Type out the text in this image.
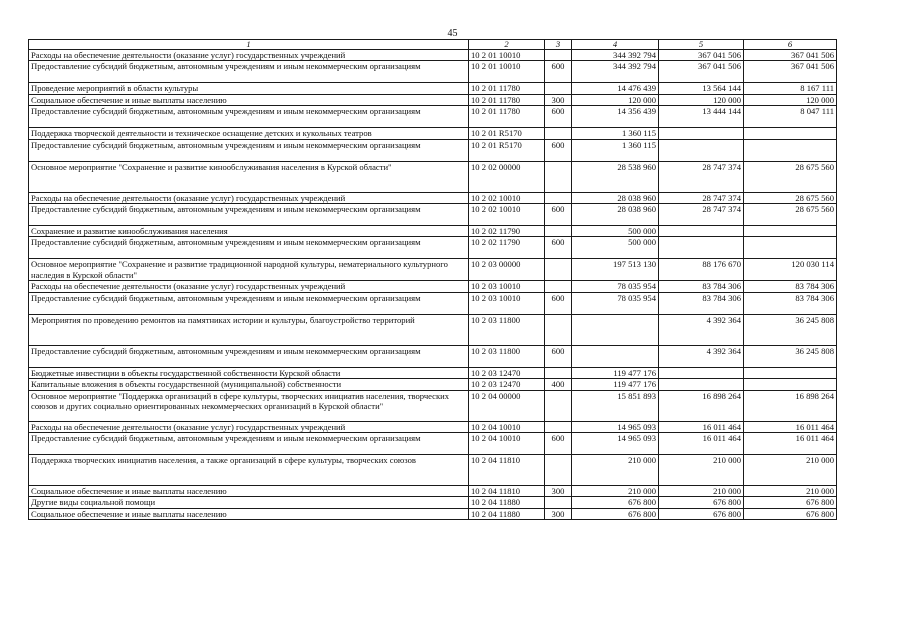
45
1	2	3	4	5	6
Расходы на обеспечение деятельности (оказание услуг) государственных учреждений	10 2 01 10010		344 392 794	367 041 506	367 041 506
Предоставление субсидий бюджетным, автономным учреждениям и иным некоммерческим организациям	10 2 01 10010	600	344 392 794	367 041 506	367 041 506
Проведение мероприятий в области культуры	10 2 01 11780		14 476 439	13 564 144	8 167 111
Социальное обеспечение и иные выплаты населению	10 2 01 11780	300	120 000	120 000	120 000
Предоставление субсидий бюджетным, автономным учреждениям и иным некоммерческим организациям	10 2 01 11780	600	14 356 439	13 444 144	8 047 111
Поддержка творческой деятельности и техническое оснащение детских и кукольных театров	10 2 01 R5170		1 360 115		
Предоставление субсидий бюджетным, автономным учреждениям и иным некоммерческим организациям	10 2 01 R5170	600	1 360 115		
Основное мероприятие "Сохранение и развитие кинообслуживания населения в Курской области"	10 2 02 00000		28 538 960	28 747 374	28 675 560
Расходы на обеспечение деятельности (оказание услуг) государственных учреждений	10 2 02 10010		28 038 960	28 747 374	28 675 560
Предоставление субсидий бюджетным, автономным учреждениям и иным некоммерческим организациям	10 2 02 10010	600	28 038 960	28 747 374	28 675 560
Сохранение и развитие кинообслуживания населения	10 2 02 11790		500 000		
Предоставление субсидий бюджетным, автономным учреждениям и иным некоммерческим организациям	10 2 02 11790	600	500 000		
Основное мероприятие "Сохранение и развитие традиционной народной культуры, нематериального культурного наследия в Курской области"	10 2 03 00000		197 513 130	88 176 670	120 030 114
Расходы на обеспечение деятельности (оказание услуг) государственных учреждений	10 2 03 10010		78 035 954	83 784 306	83 784 306
Предоставление субсидий бюджетным, автономным учреждениям и иным некоммерческим организациям	10 2 03 10010	600	78 035 954	83 784 306	83 784 306
Мероприятия по проведению ремонтов на памятниках истории и культуры, благоустройство территорий	10 2 03 11800			4 392 364	36 245 808
Предоставление субсидий бюджетным, автономным учреждениям и иным некоммерческим организациям	10 2 03 11800	600		4 392 364	36 245 808
Бюджетные инвестиции в объекты государственной собственности Курской области	10 2 03 12470		119 477 176		
Капитальные вложения в объекты государственной (муниципальной) собственности	10 2 03 12470	400	119 477 176		
Основное мероприятие "Поддержка организаций в сфере культуры, творческих инициатив населения, творческих союзов и других социально ориентированных некоммерческих организаций в Курской области"	10 2 04 00000		15 851 893	16 898 264	16 898 264
Расходы на обеспечение деятельности (оказание услуг) государственных учреждений	10 2 04 10010		14 965 093	16 011 464	16 011 464
Предоставление субсидий бюджетным, автономным учреждениям и иным некоммерческим организациям	10 2 04 10010	600	14 965 093	16 011 464	16 011 464
Поддержка творческих инициатив населения, а также организаций в сфере культуры, творческих союзов	10 2 04 11810		210 000	210 000	210 000
Социальное обеспечение и иные выплаты населению	10 2 04 11810	300	210 000	210 000	210 000
Другие виды социальной помощи	10 2 04 11880		676 800	676 800	676 800
Социальное обеспечение и иные выплаты населению	10 2 04 11880	300	676 800	676 800	676 800
